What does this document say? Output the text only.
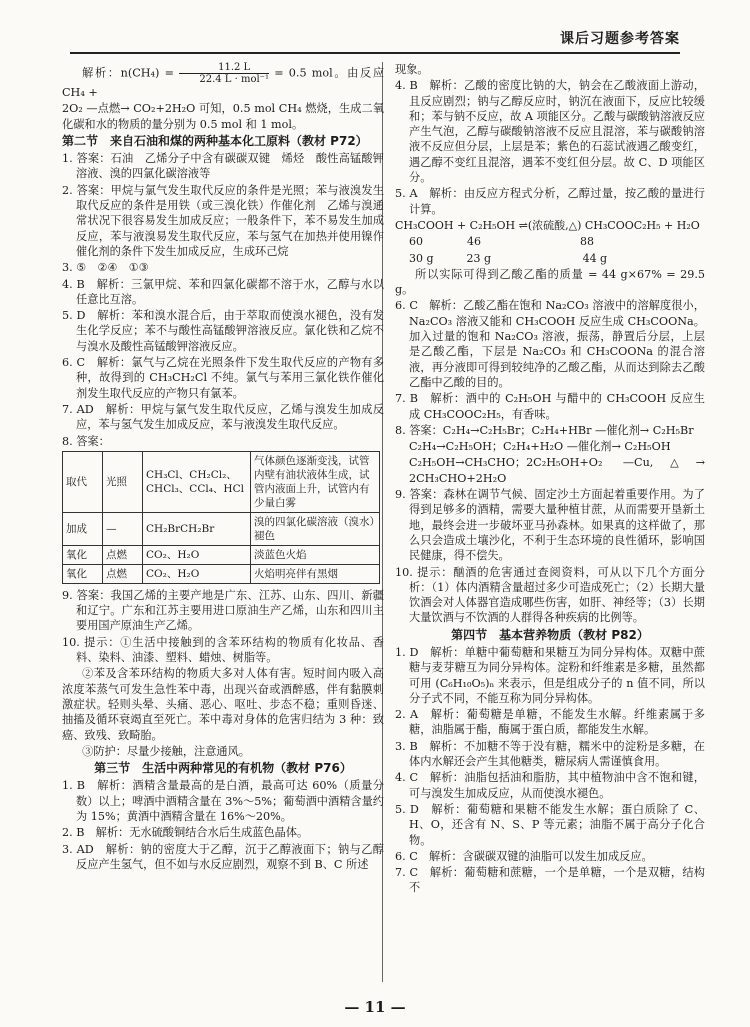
课后习题参考答案

解析：$n(CH_4) = \frac{11.2 L}{\text{22.4 L · mol⁻¹}} = 0.5$ mol。由反应 CH₄ +

2O₂ —点燃→ CO₂+2H₂O 可知，0.5 mol CH₄ 燃烧，生成二氧化碳和水的物质的量分别为 0.5 mol 和 1 mol。

第二节　来自石油和煤的两种基本化工原料（教材 P72）

1. 答案：石油　乙烯分子中含有碳碳双键　烯烃　酸性高锰酸钾溶液、溴的四氯化碳溶液等

2. 答案：甲烷与氯气发生取代反应的条件是光照；苯与液溴发生取代反应的条件是用铁（或三溴化铁）作催化剂　乙烯与溴通常状况下很容易发生加成反应；一般条件下，苯不易发生加成反应，苯与液溴易发生取代反应，苯与氢气在加热并使用镍作催化剂的条件下发生加成反应，生成环己烷

3. ⑤　②④　①③

4. B　解析：三氯甲烷、苯和四氯化碳都不溶于水，乙醇与水以任意比互溶。

5. D　解析：苯和溴水混合后，由于萃取而使溴水褪色，没有发生化学反应；苯不与酸性高锰酸钾溶液反应。氯化铁和乙烷不与溴水及酸性高锰酸钾溶液反应。

6. C　解析：氯气与乙烷在光照条件下发生取代反应的产物有多种，故得到的 CH₃CH₂Cl 不纯。氯气与苯用三氯化铁作催化剂发生取代反应的产物只有氯苯。

7. AD　解析：甲烷与氯气发生取代反应，乙烯与溴发生加成反应，苯与氢气发生加成反应，苯与液溴发生取代反应。

8. 答案：

取代	光照	CH₃Cl、CH₂Cl₂、CHCl₃、CCl₄、HCl	气体颜色逐渐变浅，试管内壁有油状液体生成，试管内液面上升，试管内有少量白雾
加成	—	CH₂BrCH₂Br	溴的四氯化碳溶液（溴水）褪色
氧化	点燃	CO₂、H₂O	淡蓝色火焰
氧化	点燃	CO₂、H₂O	火焰明亮伴有黑烟

9. 答案：我国乙烯的主要产地是广东、江苏、山东、四川、新疆和辽宁。广东和江苏主要用进口原油生产乙烯，山东和四川主要用国产原油生产乙烯。

10. 提示：①生活中接触到的含苯环结构的物质有化妆品、香料、染料、油漆、塑料、蜡烛、树脂等。

②苯及含苯环结构的物质大多对人体有害。短时间内吸入高浓度苯蒸气可发生急性苯中毒，出现兴奋或酒醉感，伴有黏膜刺激症状。轻则头晕、头痛、恶心、呕吐、步态不稳；重则昏迷、抽搐及循环衰竭直至死亡。苯中毒对身体的危害归结为 3 种：致癌、致残、致畸胎。

③防护：尽量少接触，注意通风。

第三节　生活中两种常见的有机物（教材 P76）

1. B　解析：酒精含量最高的是白酒，最高可达 60%（质量分数）以上；啤酒中酒精含量在 3%～5%；葡萄酒中酒精含量约为 15%；黄酒中酒精含量在 16%～20%。

2. B　解析：无水硫酸铜结合水后生成蓝色晶体。

3. AD　解析：钠的密度大于乙醇，沉于乙醇液面下；钠与乙醇反应产生氢气，但不如与水反应剧烈，观察不到 B、C 所述

现象。

4. B　解析：乙酸的密度比钠的大，钠会在乙酸液面上游动，且反应剧烈；钠与乙醇反应时，钠沉在液面下，反应比较缓和；苯与钠不反应，故 A 项能区分。乙酸与碳酸钠溶液反应产生气泡，乙醇与碳酸钠溶液不反应且混溶，苯与碳酸钠溶液不反应但分层，上层是苯；紫色的石蕊试液遇乙酸变红，遇乙醇不变红且混溶，遇苯不变红但分层。故 C、D 项能区分。

5. A　解析：由反应方程式分析，乙醇过量，按乙酸的量进行计算。

CH₃COOH + C₂H₅OH ⇌(浓硫酸,△) CH₃COOC₂H₅ + H₂O

60　　　　46　　　　　　　　　88

30 g　　　23 g　　　　　　　　 44 g

所以实际可得到乙酸乙酯的质量 = 44 g×67% = 29.5 g。

6. C　解析：乙酸乙酯在饱和 Na₂CO₃ 溶液中的溶解度很小，Na₂CO₃ 溶液又能和 CH₃COOH 反应生成 CH₃COONa。加入过量的饱和 Na₂CO₃ 溶液，振荡，静置后分层，上层是乙酸乙酯，下层是 Na₂CO₃ 和 CH₃COONa 的混合溶液，再分液即可得到较纯净的乙酸乙酯，从而达到除去乙酸乙酯中乙酸的目的。

7. B　解析：酒中的 C₂H₅OH 与醋中的 CH₃COOH 反应生成 CH₃COOC₂H₅，有香味。

8. 答案：C₂H₄→C₂H₅Br；C₂H₄+HBr —催化剂→ C₂H₅Br

C₂H₄→C₂H₅OH；C₂H₄+H₂O —催化剂→ C₂H₅OH

C₂H₅OH→CH₃CHO；2C₂H₅OH+O₂ —Cu,△→ 2CH₃CHO+2H₂O

9. 答案：森林在调节气候、固定沙土方面起着重要作用。为了得到足够多的酒精，需要大量种植甘蔗，从而需要开垦新土地，最终会进一步破坏亚马孙森林。如果真的这样做了，那么只会造成土壤沙化，不利于生态环境的良性循环，影响国民健康，得不偿失。

10. 提示：酗酒的危害通过查阅资料，可从以下几个方面分析：（1）体内酒精含量超过多少可造成死亡；（2）长期大量饮酒会对人体器官造成哪些伤害，如肝、神经等；（3）长期大量饮酒与不饮酒的人群得各种疾病的比例等。

第四节　基本营养物质（教材 P82）

1. D　解析：单糖中葡萄糖和果糖互为同分异构体。双糖中蔗糖与麦芽糖互为同分异构体。淀粉和纤维素是多糖，虽然都可用 (C₆H₁₀O₅)ₙ 来表示，但是组成分子的 n 值不同，所以分子式不同，不能互称为同分异构体。

2. A　解析：葡萄糖是单糖，不能发生水解。纤维素属于多糖，油脂属于酯，酶属于蛋白质，都能发生水解。

3. B　解析：不加糖不等于没有糖，糯米中的淀粉是多糖，在体内水解还会产生其他糖类，糖尿病人需谨慎食用。

4. C　解析：油脂包括油和脂肪，其中植物油中含不饱和键，可与溴发生加成反应，从而使溴水褪色。

5. D　解析：葡萄糖和果糖不能发生水解；蛋白质除了 C、H、O，还含有 N、S、P 等元素；油脂不属于高分子化合物。

6. C　解析：含碳碳双键的油脂可以发生加成反应。

7. C　解析：葡萄糖和蔗糖，一个是单糖，一个是双糖，结构不

— 11 —
